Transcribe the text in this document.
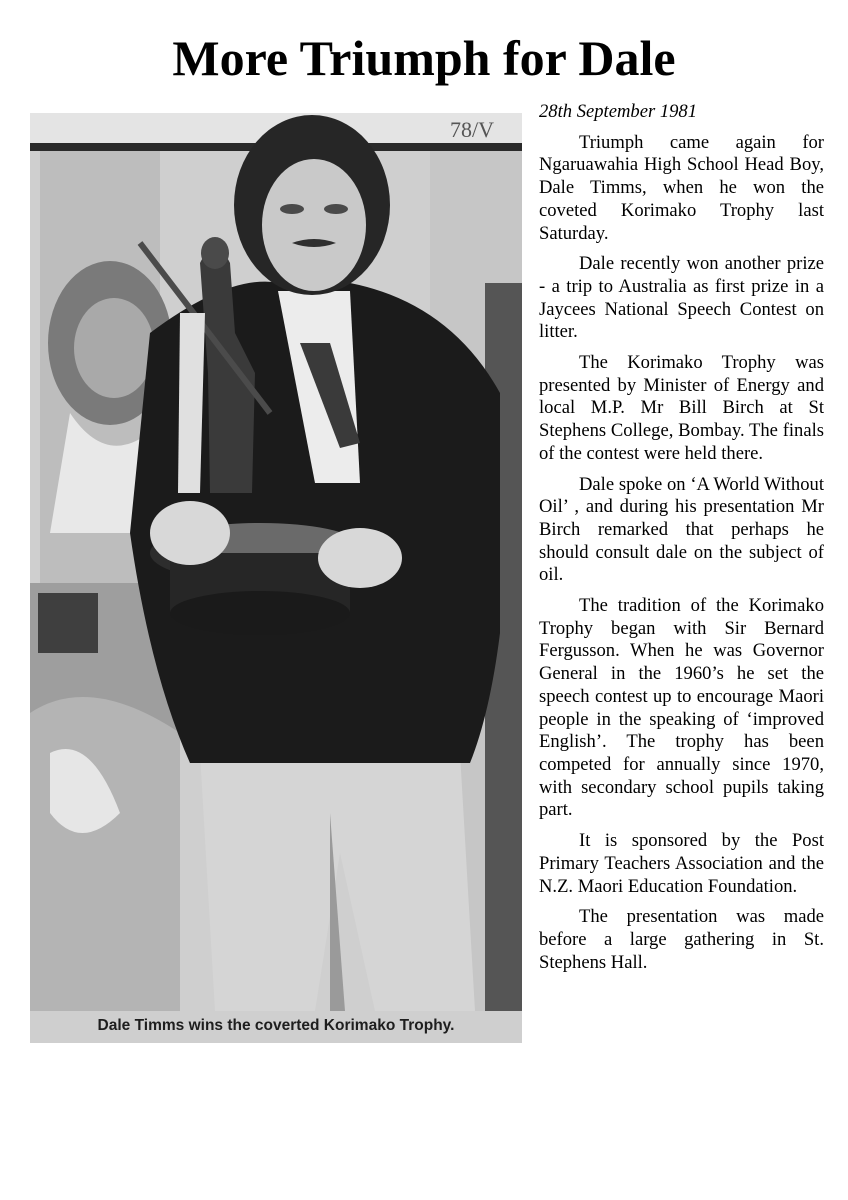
More Triumph for Dale
78/V
Dale Timms wins the coverted Korimako Trophy.

28th September 1981

Triumph came again for Ngaruawahia High School Head Boy, Dale Timms, when he won the coveted Korimako Trophy last Saturday.

Dale recently won another prize - a trip to Australia as first prize in a Jaycees National Speech Contest on litter.

The Korimako Trophy was presented by Minister of Energy and local M.P. Mr Bill Birch at St Stephens College, Bombay. The finals of the contest were held there.

Dale spoke on ‘A World Without Oil’ , and during his presentation Mr Birch remarked that perhaps he should consult dale on the subject of oil.

The tradition of the Korimako Trophy began with Sir Bernard Fergusson. When he was Governor General in the 1960’s he set the speech contest up to encourage Maori people in the speaking of ‘improved English’. The trophy has been competed for annually since 1970, with secondary school pupils taking part.

It is sponsored by the Post Primary Teachers Association and the N.Z. Maori Education Foundation.

The presentation was made before a large gathering in St. Stephens Hall.
